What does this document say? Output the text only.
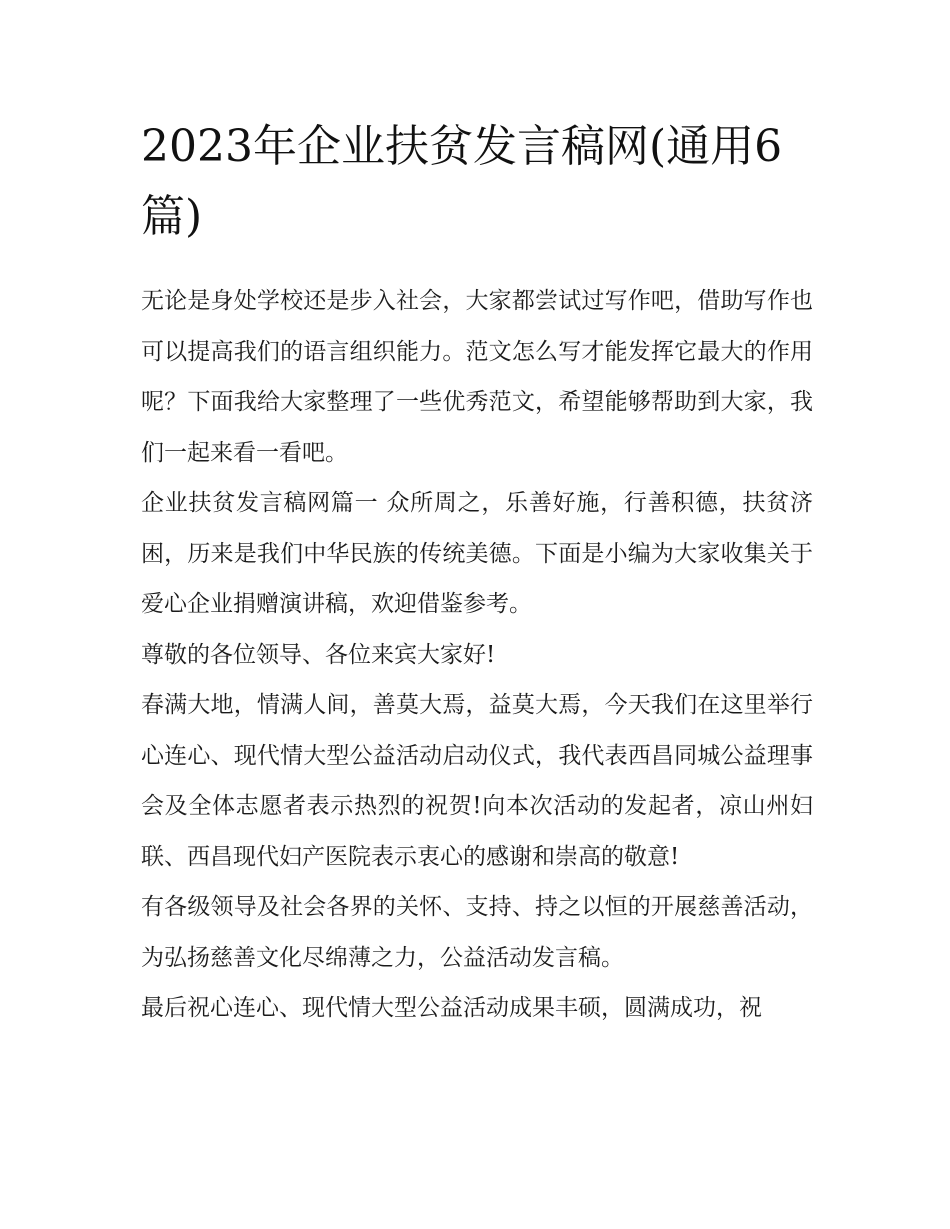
2023年企业扶贫发言稿网(通用6篇)

无论是身处学校还是步入社会，大家都尝试过写作吧，借助写作也可以提高我们的语言组织能力。范文怎么写才能发挥它最大的作用呢？下面我给大家整理了一些优秀范文，希望能够帮助到大家，我们一起来看一看吧。

企业扶贫发言稿网篇一 众所周之，乐善好施，行善积德，扶贫济困，历来是我们中华民族的传统美德。下面是小编为大家收集关于爱心企业捐赠演讲稿，欢迎借鉴参考。

尊敬的各位领导、各位来宾大家好!

春满大地，情满人间，善莫大焉，益莫大焉，今天我们在这里举行心连心、现代情大型公益活动启动仪式，我代表西昌同城公益理事会及全体志愿者表示热烈的祝贺!向本次活动的发起者，凉山州妇联、西昌现代妇产医院表示衷心的感谢和崇高的敬意!

有各级领导及社会各界的关怀、支持、持之以恒的开展慈善活动，为弘扬慈善文化尽绵薄之力，公益活动发言稿。

最后祝心连心、现代情大型公益活动成果丰硕，圆满成功，祝
